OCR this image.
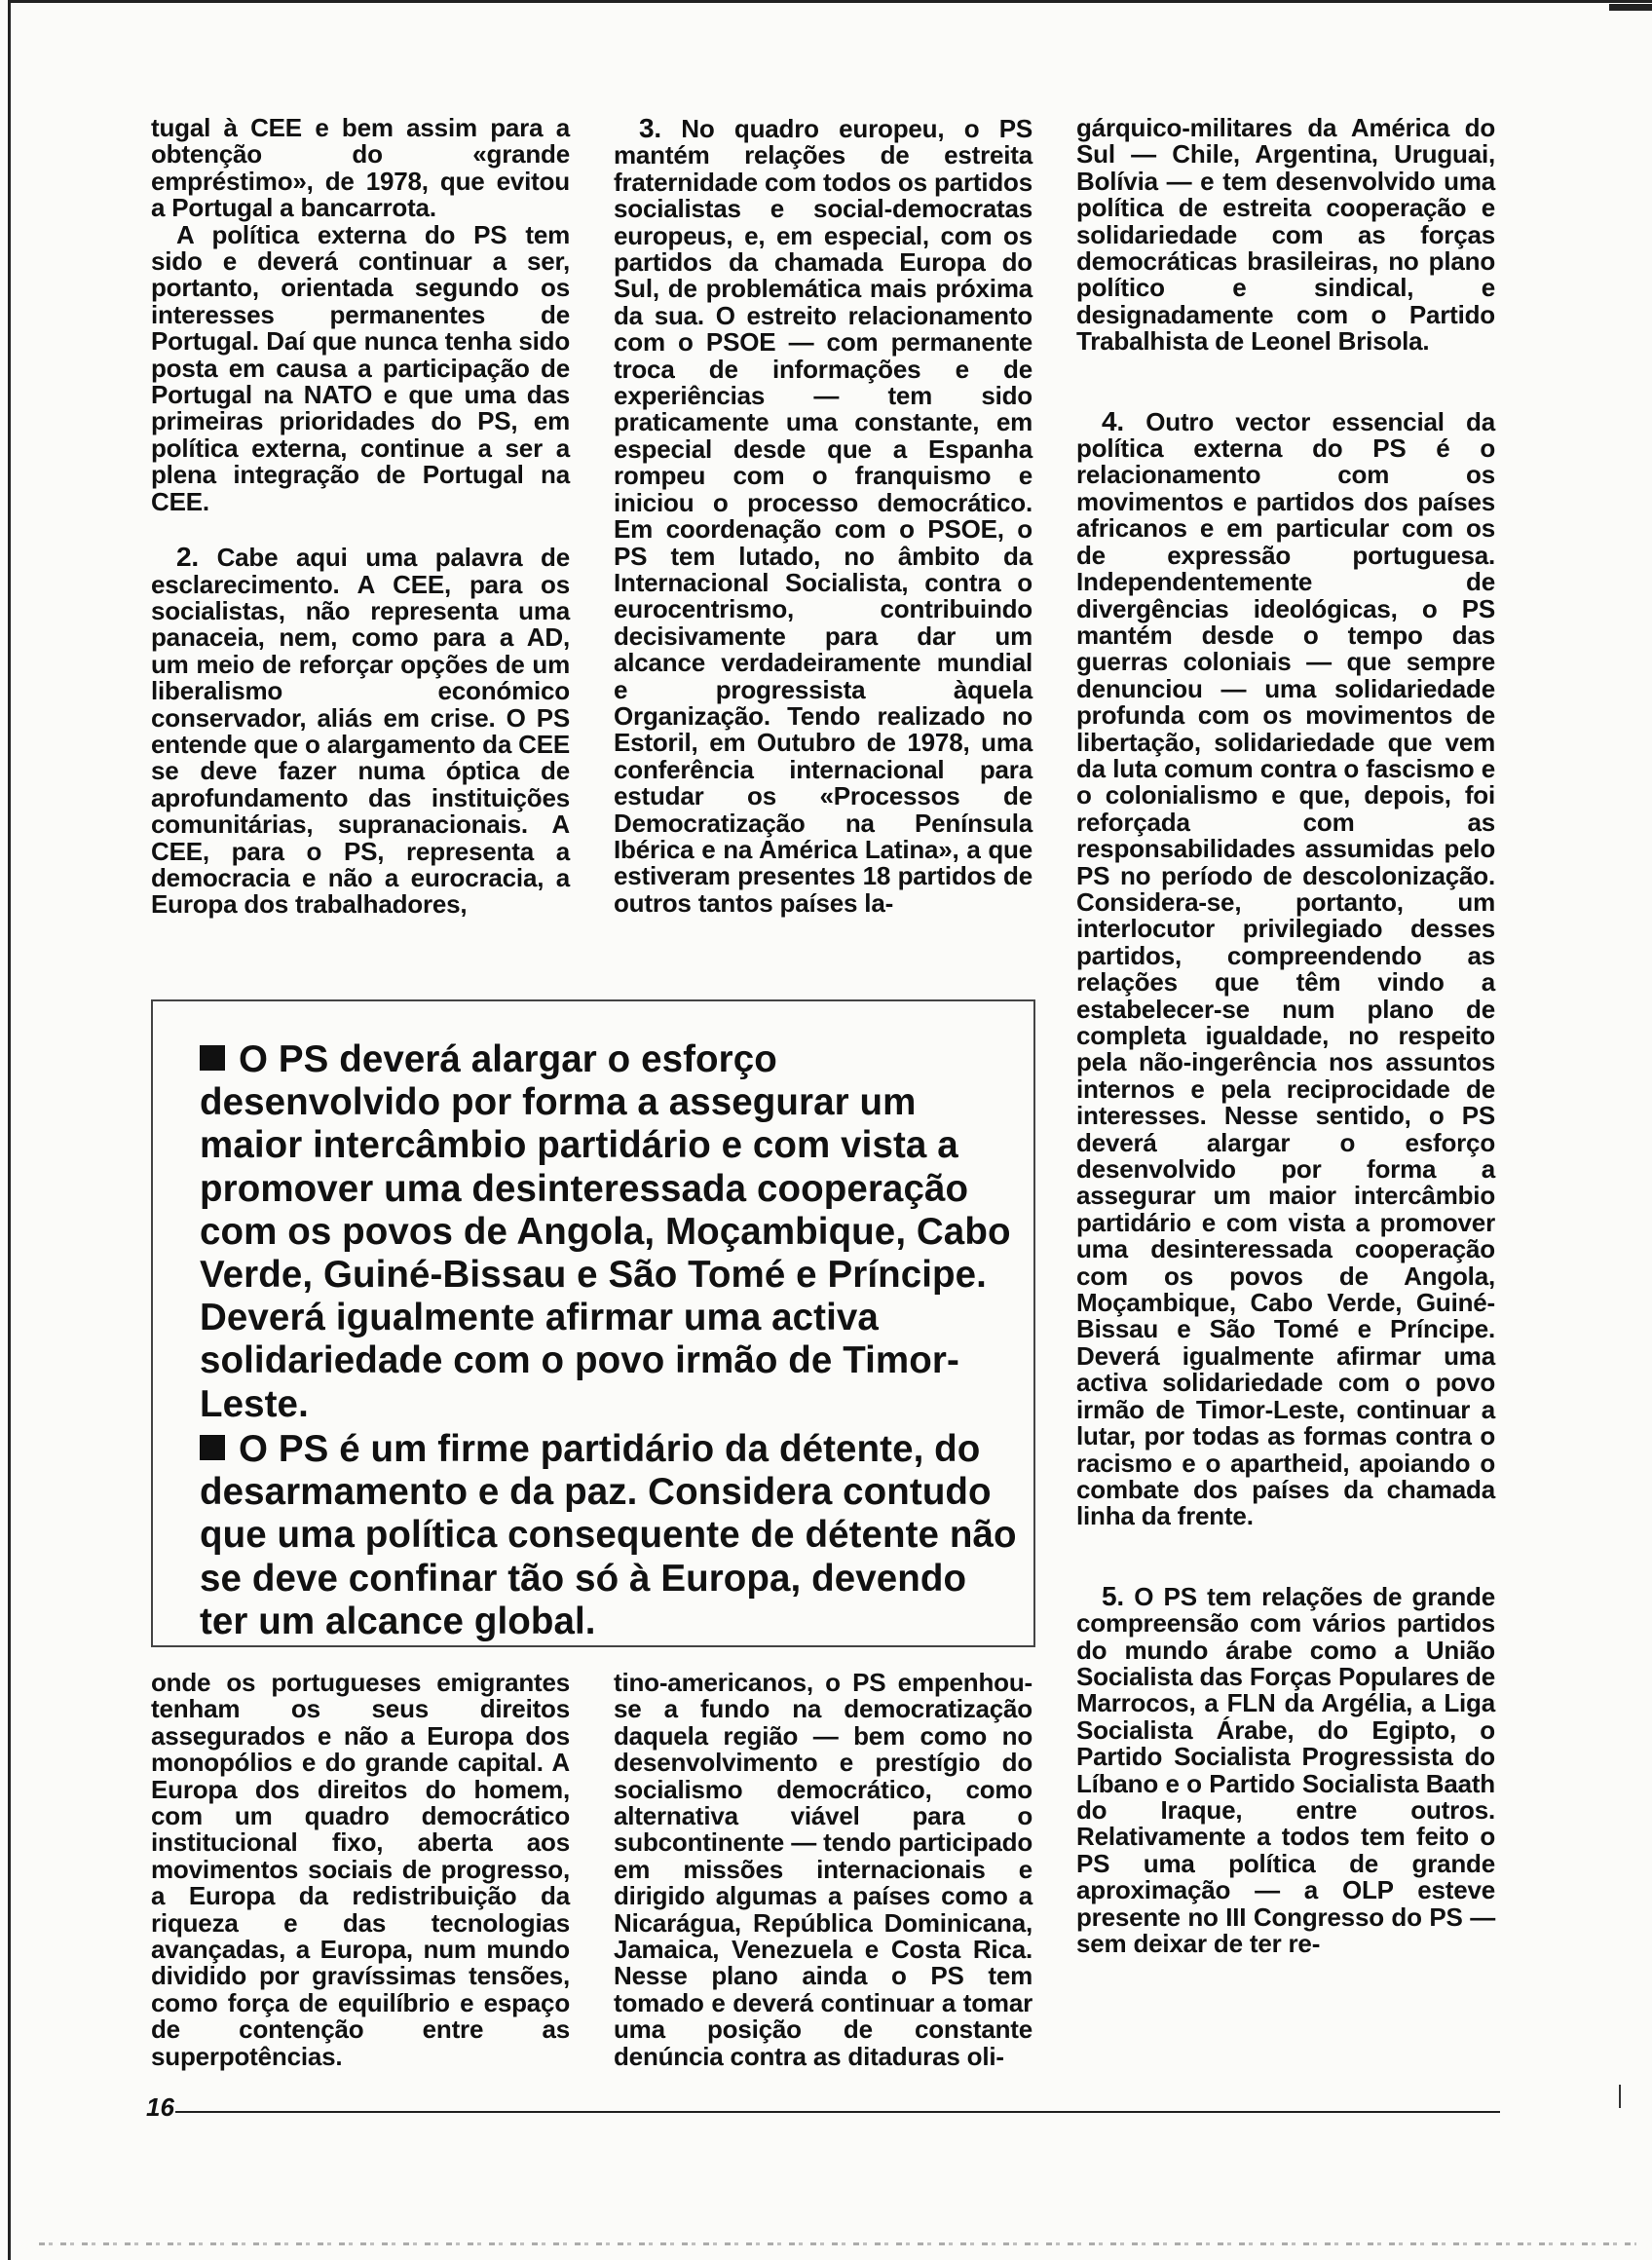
tugal à CEE e bem assim para a obtenção do «grande empréstimo», de 1978, que evitou a Portugal a bancarrota.

A política externa do PS tem sido e deverá continuar a ser, portanto, orientada segundo os interesses permanentes de Portugal. Daí que nunca tenha sido posta em causa a participação de Portugal na NATO e que uma das primeiras prioridades do PS, em política externa, continue a ser a plena integração de Portugal na CEE.

2. Cabe aqui uma palavra de esclarecimento. A CEE, para os socialistas, não representa uma panaceia, nem, como para a AD, um meio de reforçar opções de um liberalismo económico conservador, aliás em crise. O PS entende que o alargamento da CEE se deve fazer numa óptica de aprofundamento das instituições comunitárias, supranacionais. A CEE, para o PS, representa a democracia e não a eurocracia, a Europa dos trabalhadores,

3. No quadro europeu, o PS mantém relações de estreita fraternidade com todos os partidos socialistas e social-democratas europeus, e, em especial, com os partidos da chamada Europa do Sul, de problemática mais próxima da sua. O estreito relacionamento com o PSOE — com permanente troca de informações e de experiências — tem sido praticamente uma constante, em especial desde que a Espanha rompeu com o franquismo e iniciou o processo democrático. Em coordenação com o PSOE, o PS tem lutado, no âmbito da Internacional Socialista, contra o eurocentrismo, contribuindo decisivamente para dar um alcance verdadeiramente mundial e progressista àquela Organização. Tendo realizado no Estoril, em Outubro de 1978, uma conferência internacional para estudar os «Processos de Democratização na Península Ibérica e na América Latina», a que estiveram presentes 18 partidos de outros tantos países la-

gárquico-militares da América do Sul — Chile, Argentina, Uruguai, Bolívia — e tem desenvolvido uma política de estreita cooperação e solidariedade com as forças democráticas brasileiras, no plano político e sindical, e designadamente com o Partido Trabalhista de Leonel Brisola.

4. Outro vector essencial da política externa do PS é o relacionamento com os movimentos e partidos dos países africanos e em particular com os de expressão portuguesa. Independentemente de divergências ideológicas, o PS mantém desde o tempo das guerras coloniais — que sempre denunciou — uma solidariedade profunda com os movimentos de libertação, solidariedade que vem da luta comum contra o fascismo e o colonialismo e que, depois, foi reforçada com as responsabilidades assumidas pelo PS no período de descolonização. Considera-se, portanto, um interlocutor privilegiado desses partidos, compreendendo as relações que têm vindo a estabelecer-se num plano de completa igualdade, no respeito pela não-ingerência nos assuntos internos e pela reciprocidade de interesses. Nesse sentido, o PS deverá alargar o esforço desenvolvido por forma a assegurar um maior intercâmbio partidário e com vista a promover uma desinteressada cooperação com os povos de Angola, Moçambique, Cabo Verde, Guiné-Bissau e São Tomé e Príncipe. Deverá igualmente afirmar uma activa solidariedade com o povo irmão de Timor-Leste, continuar a lutar, por todas as formas contra o racismo e o apartheid, apoiando o combate dos países da chamada linha da frente.

5. O PS tem relações de grande compreensão com vários partidos do mundo árabe como a União Socialista das Forças Populares de Marrocos, a FLN da Argélia, a Liga Socialista Árabe, do Egipto, o Partido Socialista Progressista do Líbano e o Partido Socialista Baath do Iraque, entre outros. Relativamente a todos tem feito o PS uma política de grande aproximação — a OLP esteve presente no III Congresso do PS — sem deixar de ter re-

O PS deverá alargar o esforço desenvolvido por forma a assegurar um maior intercâmbio partidário e com vista a promover uma desinteressada cooperação com os povos de Angola, Moçambique, Cabo Verde, Guiné-Bissau e São Tomé e Príncipe. Deverá igualmente afirmar uma activa solidariedade com o povo irmão de Timor-Leste.
O PS é um firme partidário da détente, do desarmamento e da paz. Considera contudo que uma política consequente de détente não se deve confinar tão só à Europa, devendo ter um alcance global.

onde os portugueses emigrantes tenham os seus direitos assegurados e não a Europa dos monopólios e do grande capital. A Europa dos direitos do homem, com um quadro democrático institucional fixo, aberta aos movimentos sociais de progresso, a Europa da redistribuição da riqueza e das tecnologias avançadas, a Europa, num mundo dividido por gravíssimas tensões, como força de equilíbrio e espaço de contenção entre as superpotências.

tino-americanos, o PS empenhou-se a fundo na democratização daquela região — bem como no desenvolvimento e prestígio do socialismo democrático, como alternativa viável para o subcontinente — tendo participado em missões internacionais e dirigido algumas a países como a Nicarágua, República Dominicana, Jamaica, Venezuela e Costa Rica. Nesse plano ainda o PS tem tomado e deverá continuar a tomar uma posição de constante denúncia contra as ditaduras oli-

16
